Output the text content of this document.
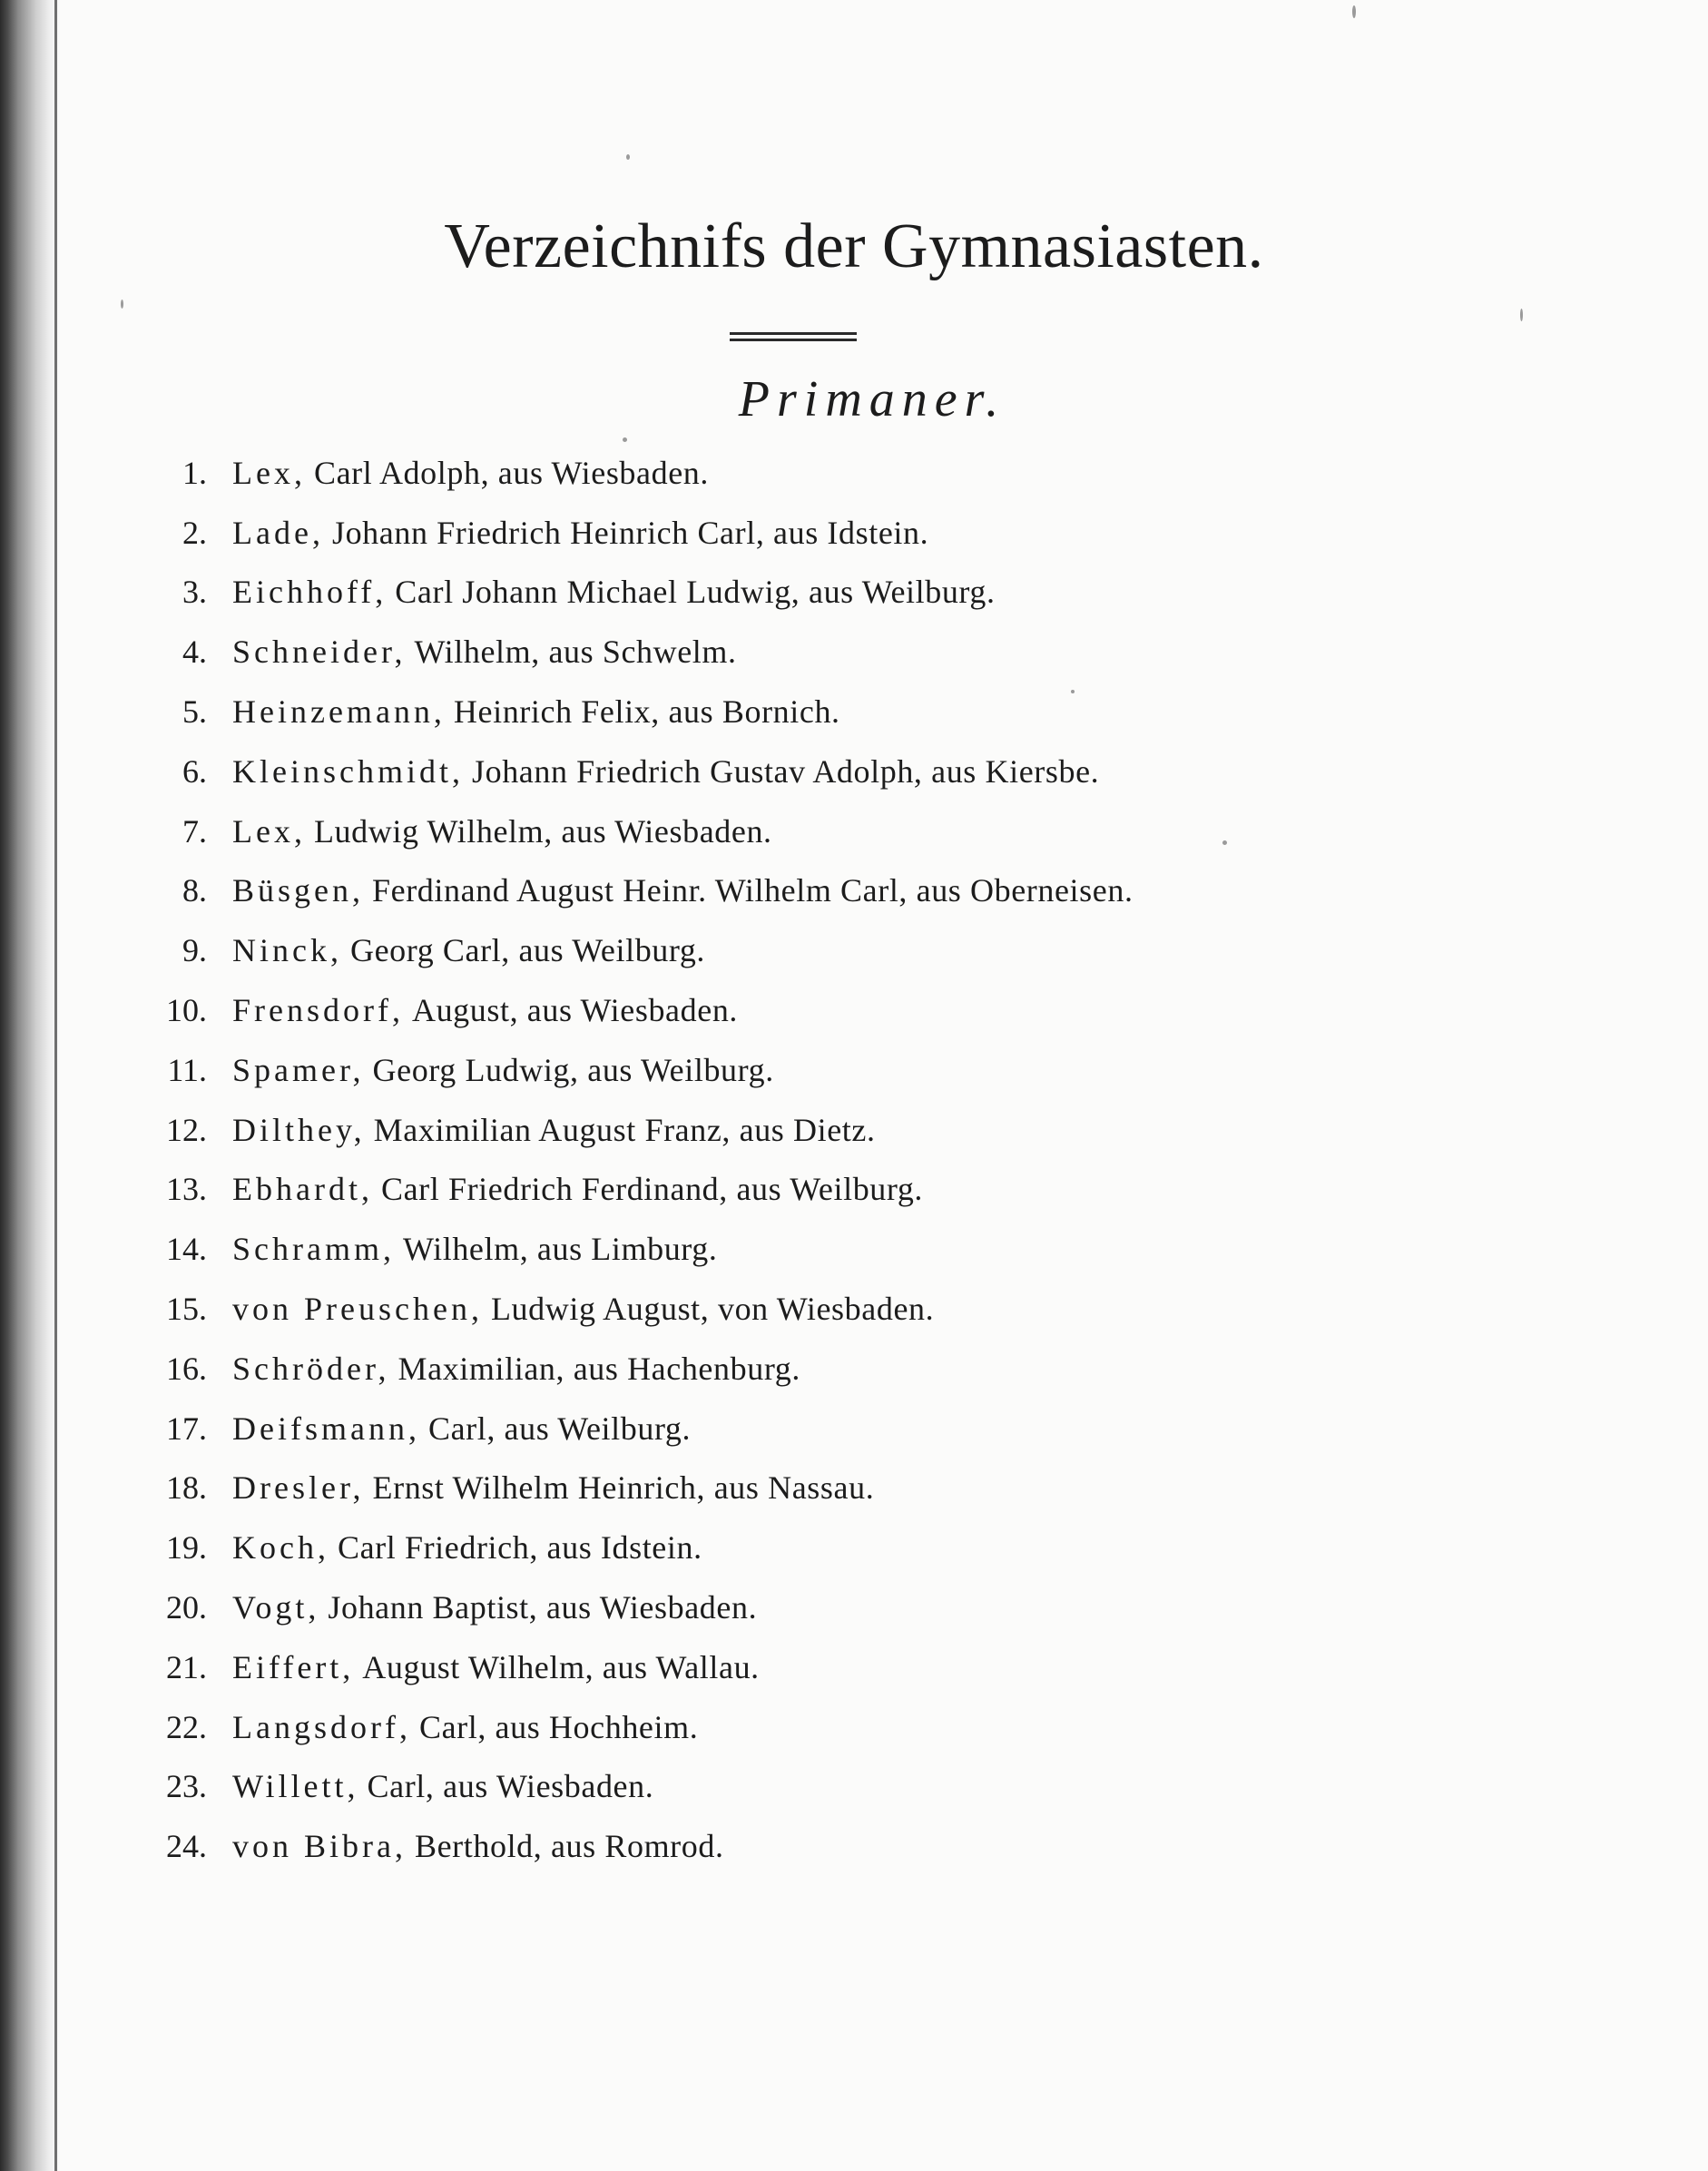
Verzeichnifs der Gymnasiasten.
Primaner.
1. Lex,
Carl Adolph, aus Wiesbaden.
2. Lade,
Johann Friedrich Heinrich Carl, aus Idstein.
3. Eichhoff,
Carl Johann Michael Ludwig, aus Weilburg.
4. Schneider,
Wilhelm, aus Schwelm.
5. Heinzemann,
Heinrich Felix, aus Bornich.
6. Kleinschmidt,
Johann Friedrich Gustav Adolph, aus Kiersbe.
7. Lex,
Ludwig Wilhelm, aus Wiesbaden.
8. Büsgen,
Ferdinand August Heinr. Wilhelm Carl, aus Oberneisen.
9. Ninck,
Georg Carl, aus Weilburg.
10. Frensdorf,
August, aus Wiesbaden.
11. Spamer,
Georg Ludwig, aus Weilburg.
12. Dilthey,
Maximilian August Franz, aus Dietz.
13. Ebhardt,
Carl Friedrich Ferdinand, aus Weilburg.
14. Schramm,
Wilhelm, aus Limburg.
15. von Preuschen,
Ludwig August, von Wiesbaden.
16. Schröder,
Maximilian, aus Hachenburg.
17. Deifsmann,
Carl, aus Weilburg.
18. Dresler,
Ernst Wilhelm Heinrich, aus Nassau.
19. Koch,
Carl Friedrich, aus Idstein.
20. Vogt,
Johann Baptist, aus Wiesbaden.
21. Eiffert,
August Wilhelm, aus Wallau.
22. Langsdorf,
Carl, aus Hochheim.
23. Willett,
Carl, aus Wiesbaden.
24. von Bibra,
Berthold, aus Romrod.
